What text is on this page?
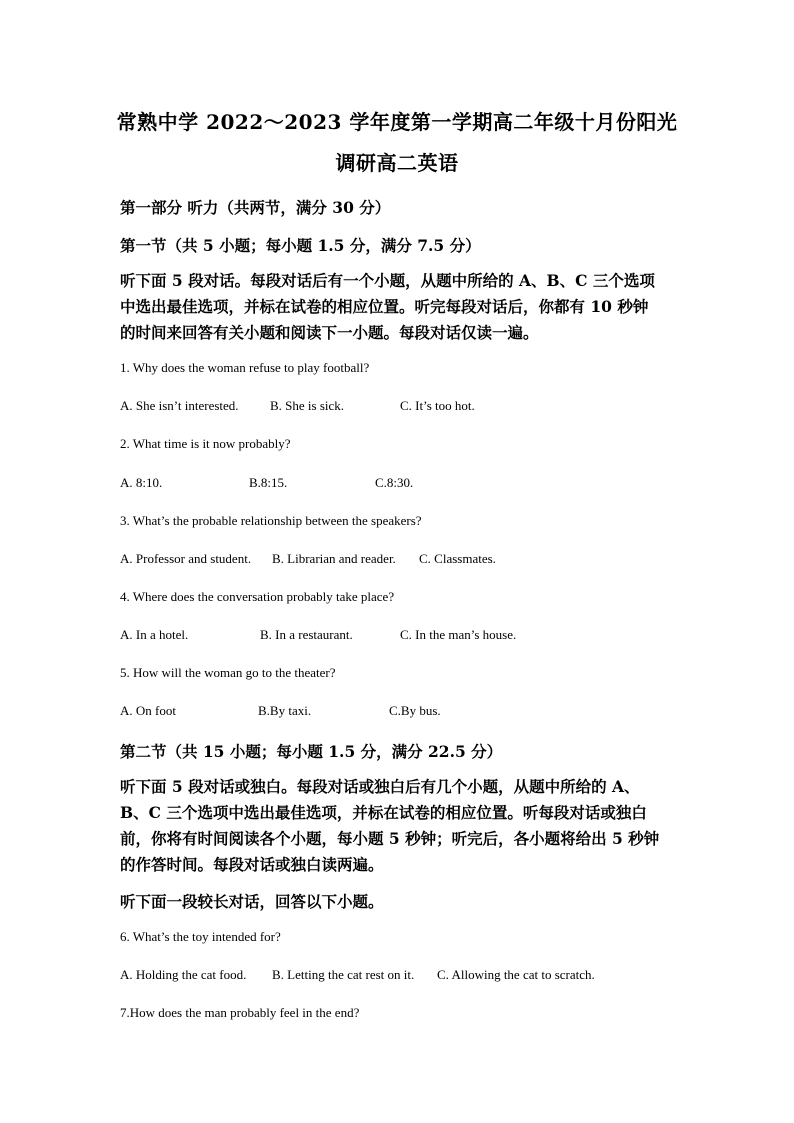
常熟中学 2022～2023 学年度第一学期高二年级十月份阳光
调研高二英语
第一部分 听力（共两节，满分 30 分）
第一节（共 5 小题；每小题 1.5 分，满分 7.5 分）
听下面 5 段对话。每段对话后有一个小题，从题中所给的 A、B、C 三个选项
中选出最佳选项，并标在试卷的相应位置。听完每段对话后，你都有 10 秒钟
的时间来回答有关小题和阅读下一小题。每段对话仅读一遍。
1. Why does the woman refuse to play football?
A. She isn’t interested. B. She is sick.	C. It’s too hot.
2. What time is it now probably?
A. 8:10.	B.8:15.	C.8:30.
3. What’s the probable relationship between the speakers?
A. Professor and student. B. Librarian and reader. C. Classmates.
4. Where does the conversation probably take place?
A. In a hotel.	B. In a restaurant.	C. In the man’s house.
5. How will the woman go to the theater?
A. On foot	B.By taxi.	C.By bus.
第二节（共 15 小题；每小题 1.5 分，满分 22.5 分）
听下面 5 段对话或独白。每段对话或独白后有几个小题，从题中所给的 A、
B、C 三个选项中选出最佳选项，并标在试卷的相应位置。听每段对话或独白
前，你将有时间阅读各个小题，每小题 5 秒钟；听完后，各小题将给出 5 秒钟
的作答时间。每段对话或独白读两遍。
听下面一段较长对话，回答以下小题。
6. What’s the toy intended for?
A. Holding the cat food. B. Letting the cat rest on it. C. Allowing the cat to scratch.
7.How does the man probably feel in the end?
